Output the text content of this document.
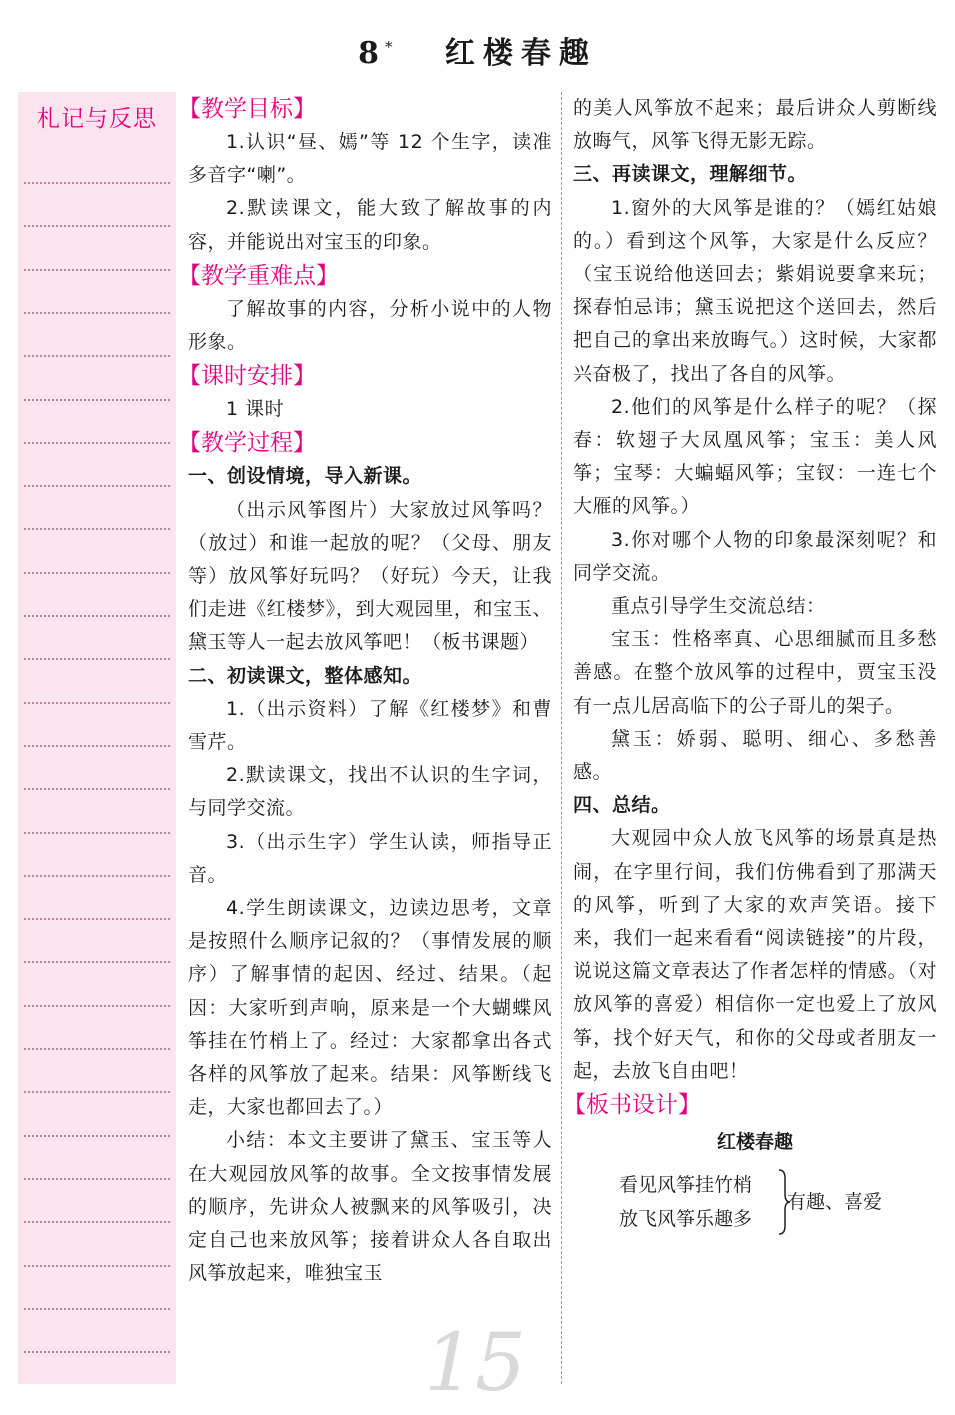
8 * 红楼春趣
札记与反思 【教学目标】

1.认识“昼、嫣”等 12 个生字，读准多音字“喇”。

2.默读课文，能大致了解故事的内容，并能说出对宝玉的印象。

【教学重难点】

了解故事的内容，分析小说中的人物形象。

【课时安排】

1 课时

【教学过程】

一、创设情境，导入新课。

（出示风筝图片）大家放过风筝吗？（放过）和谁一起放的呢？（父母、朋友等）放风筝好玩吗？（好玩）今天，让我们走进《红楼梦》，到大观园里，和宝玉、黛玉等人一起去放风筝吧！（板书课题）

二、初读课文，整体感知。

1.（出示资料）了解《红楼梦》和曹雪芹。

2.默读课文，找出不认识的生字词，与同学交流。

3.（出示生字）学生认读，师指导正音。

4.学生朗读课文，边读边思考，文章是按照什么顺序记叙的？（事情发展的顺序）了解事情的起因、经过、结果。（起因：大家听到声响，原来是一个大蝴蝶风筝挂在竹梢上了。经过：大家都拿出各式各样的风筝放了起来。结果：风筝断线飞走，大家也都回去了。）

小结：本文主要讲了黛玉、宝玉等人在大观园放风筝的故事。全文按事情发展的顺序，先讲众人被飘来的风筝吸引，决定自己也来放风筝；接着讲众人各自取出风筝放起来，唯独宝玉

的美人风筝放不起来；最后讲众人剪断线放晦气，风筝飞得无影无踪。

三、再读课文，理解细节。

1.窗外的大风筝是谁的？（嫣红姑娘的。）看到这个风筝，大家是什么反应？（宝玉说给他送回去；紫娟说要拿来玩；探春怕忌讳；黛玉说把这个送回去，然后把自己的拿出来放晦气。）这时候，大家都兴奋极了，找出了各自的风筝。

2.他们的风筝是什么样子的呢？（探春：软翅子大凤凰风筝；宝玉：美人风筝；宝琴：大蝙蝠风筝；宝钗：一连七个大雁的风筝。）

3.你对哪个人物的印象最深刻呢？和同学交流。

重点引导学生交流总结：

宝玉：性格率真、心思细腻而且多愁善感。在整个放风筝的过程中，贾宝玉没有一点儿居高临下的公子哥儿的架子。

黛玉：娇弱、聪明、细心、多愁善感。

四、总结。

大观园中众人放飞风筝的场景真是热闹，在字里行间，我们仿佛看到了那满天的风筝，听到了大家的欢声笑语。接下来，我们一起来看看“阅读链接”的片段，说说这篇文章表达了作者怎样的情感。（对放风筝的喜爱）相信你一定也爱上了放风筝，找个好天气，和你的父母或者朋友一起，去放飞自由吧！

【板书设计】
红楼春趣
看见风筝挂竹梢
放飞风筝乐趣多
有趣、喜爱
15
